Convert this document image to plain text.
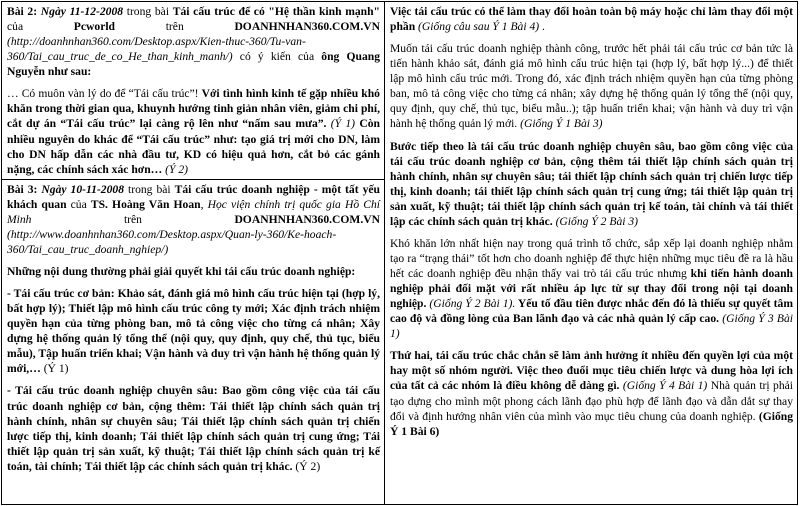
Bài 2: Ngày 11-12-2008 trong bài Tái cấu trúc để có "Hệ thần kinh mạnh" của Pcworld trên DOANHNHAN360.COM.VN (http://doanhnhan360.com/Desktop.aspx/Kien-thuc-360/Tu-van-360/Tai_cau_truc_de_co_He_than_kinh_manh/) có ý kiến của ông Quang Nguyễn như sau:

… Có muôn vàn lý do để “Tái cấu trúc”! Với tình hình kinh tế gặp nhiều khó khăn trong thời gian qua, khuynh hướng tinh giản nhân viên, giảm chi phí, cắt dự án “Tái cấu trúc” lại càng rộ lên như “nấm sau mưa”. (Ý 1) Còn nhiều nguyên do khác để “Tái cấu trúc” như: tạo giá trị mới cho DN, làm cho DN hấp dẫn các nhà đầu tư, KD có hiệu quả hơn, cắt bỏ các gánh nặng, các chính sách xác hơn… (Ý 2)

Bài 3: Ngày 10-11-2008 trong bài Tái cấu trúc doanh nghiệp - một tất yếu khách quan của TS. Hoàng Văn Hoan, Học viện chính trị quốc gia Hồ Chí Minh trên DOANHNHAN360.COM.VN (http://www.doanhnhan360.com/Desktop.aspx/Quan-ly-360/Ke-hoach-360/Tai_cau_truc_doanh_nghiep/)

Những nội dung thường phải giải quyết khi tái cấu trúc doanh nghiệp:

- Tái cấu trúc cơ bản: Khảo sát, đánh giá mô hình cấu trúc hiện tại (hợp lý, bất hợp lý); Thiết lập mô hình cấu trúc công ty mới; Xác định trách nhiệm quyền hạn của từng phòng ban, mô tả công việc cho từng cá nhân; Xây dựng hệ thống quản lý tổng thể (nội quy, quy định, quy chế, thủ tục, biểu mẫu), Tập huấn triển khai; Vận hành và duy trì vận hành hệ thống quản lý mới,… (Ý 1)

- Tái cấu trúc doanh nghiệp chuyên sâu: Bao gồm công việc của tái cấu trúc doanh nghiệp cơ bản, cộng thêm: Tái thiết lập chính sách quản trị hành chính, nhân sự chuyên sâu; Tái thiết lập chính sách quản trị chiến lược tiếp thị, kinh doanh; Tái thiết lập chính sách quản trị cung ứng; Tái thiết lập quản trị sản xuất, kỹ thuật; Tái thiết lập chính sách quản trị kế toán, tài chính; Tái thiết lập các chính sách quản trị khác. (Ý 2)

Việc tái cấu trúc có thể làm thay đổi hoàn toàn bộ máy hoặc chỉ làm thay đổi một phần (Giống câu sau Ý 1 Bài 4) .

Muốn tái cấu trúc doanh nghiệp thành công, trước hết phải tái cấu trúc cơ bản tức là tiến hành khảo sát, đánh giá mô hình cấu trúc hiện tại (hợp lý, bất hợp lý...) để thiết lập mô hình cấu trúc mới. Trong đó, xác định trách nhiệm quyền hạn của từng phòng ban, mô tả công việc cho từng cá nhân; xây dựng hệ thống quản lý tổng thể (nội quy, quy định, quy chế, thủ tục, biểu mẫu..); tập huấn triển khai; vận hành và duy trì vận hành hệ thống quản lý mới. (Giống Ý 1 Bài 3)

Bước tiếp theo là tái cấu trúc doanh nghiệp chuyên sâu, bao gồm công việc của tái cấu trúc doanh nghiệp cơ bản, cộng thêm tái thiết lập chính sách quản trị hành chính, nhân sự chuyên sâu; tái thiết lập chính sách quản trị chiến lược tiếp thị, kinh doanh; tái thiết lập chính sách quản trị cung ứng; tái thiết lập quản trị sản xuất, kỹ thuật; tái thiết lập chính sách quản trị kế toán, tài chính và tái thiết lập các chính sách quản trị khác. (Giống Ý 2 Bài 3)

Khó khăn lớn nhất hiện nay trong quá trình tổ chức, sắp xếp lại doanh nghiệp nhằm tạo ra “trạng thái” tốt hơn cho doanh nghiệp để thực hiện những mục tiêu đề ra là hầu hết các doanh nghiệp đều nhận thấy vai trò tái cấu trúc nhưng khi tiến hành doanh nghiệp phải đối mặt với rất nhiều áp lực từ sự thay đổi trong nội tại doanh nghiệp. (Giống Ý 2 Bài 1). Yếu tố đầu tiên được nhắc đến đó là thiếu sự quyết tâm cao độ và đồng lòng của Ban lãnh đạo và các nhà quản lý cấp cao. (Giống Ý 3 Bài 1)

Thứ hai, tái cấu trúc chắc chắn sẽ làm ảnh hưởng ít nhiều đến quyền lợi của một hay một số nhóm người. Việc theo đuổi mục tiêu chiến lược và dung hòa lợi ích của tất cả các nhóm là điều không dễ dàng gì. (Giống Ý 4 Bài 1) Nhà quản trị phải tạo dựng cho mình một phong cách lãnh đạo phù hợp để lãnh đạo và dẫn dắt sự thay đổi và định hướng nhân viên của mình vào mục tiêu chung của doanh nghiệp. (Giống Ý 1 Bài 6)
